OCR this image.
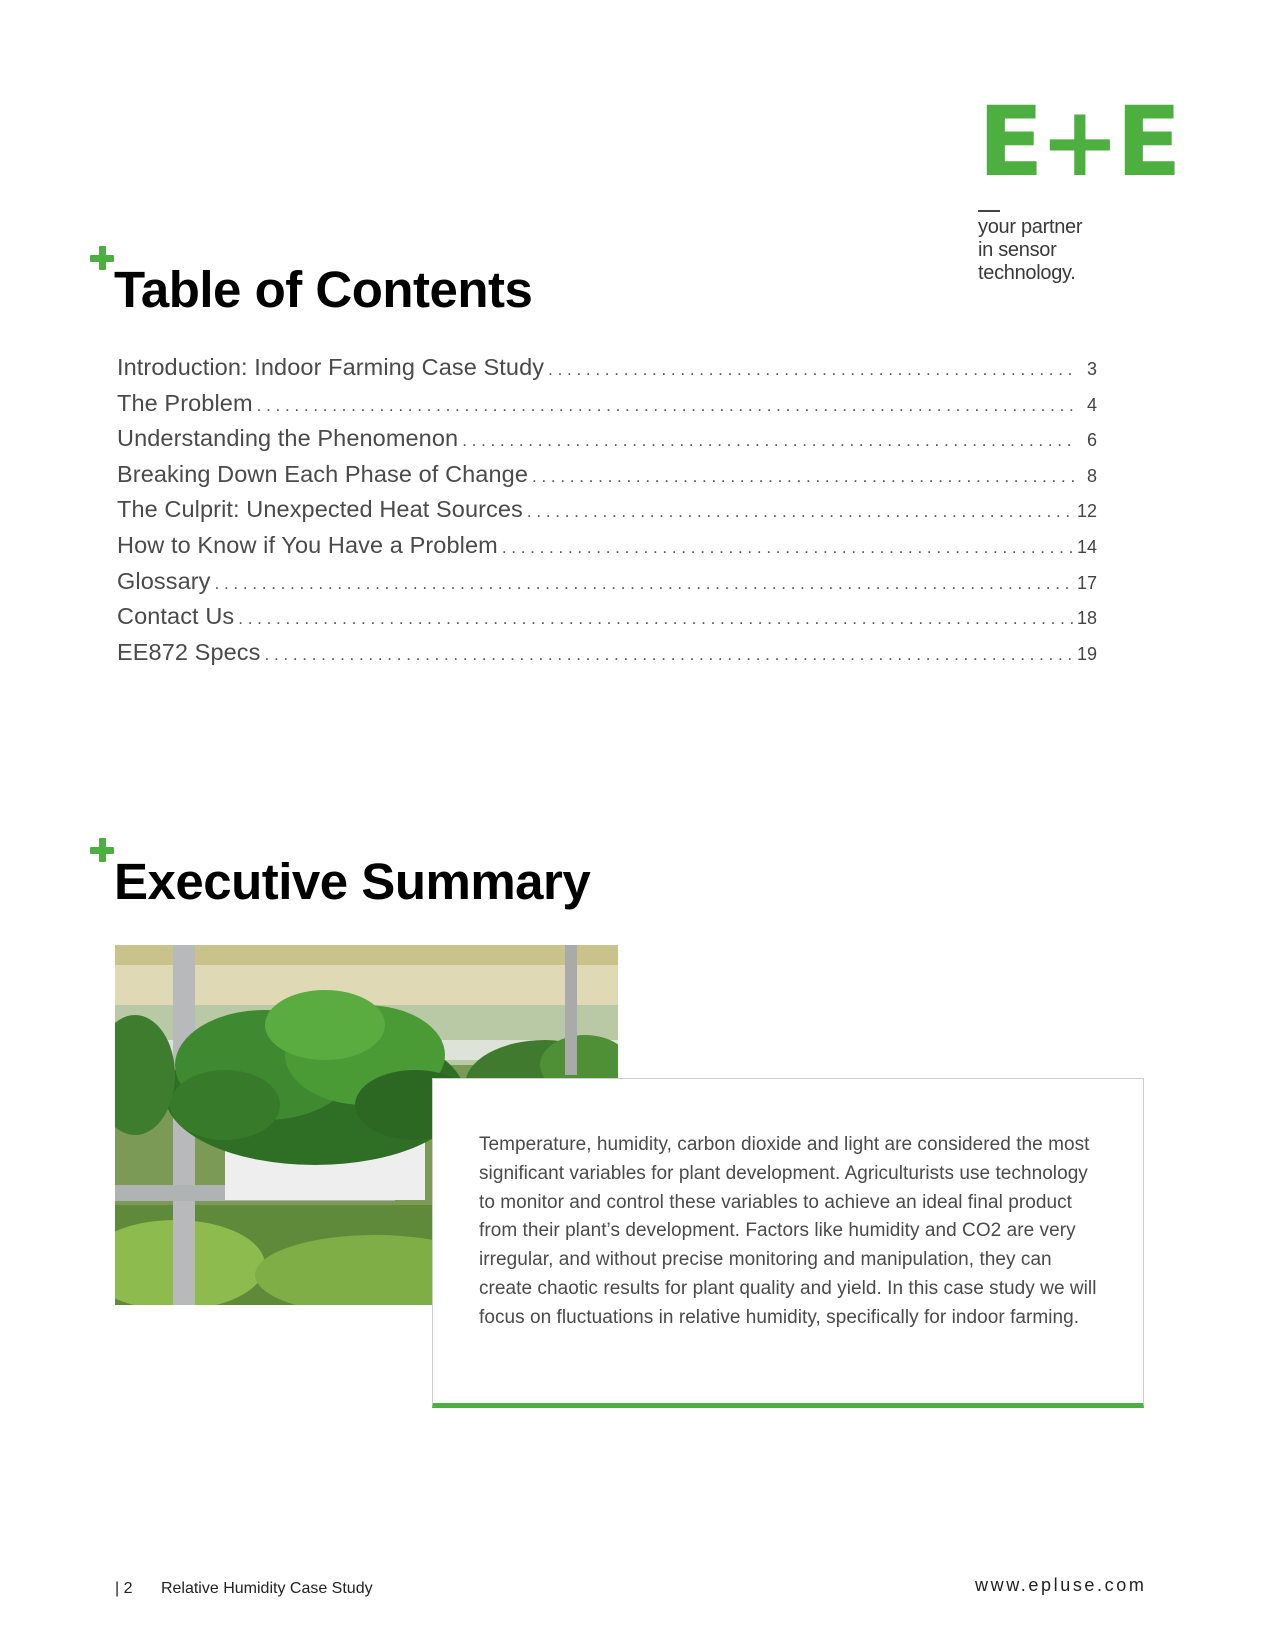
E+E
your partner
in sensor
technology.
Table of Contents
Introduction: Indoor Farming Case Study . . .	3
The Problem . . .	4
Understanding the Phenomenon . . .	6
Breaking Down Each Phase of Change . . .	8
The Culprit: Unexpected Heat Sources . . .	12
How to Know if You Have a Problem . . .	14
Glossary . . .	17
Contact Us . . .	18
EE872 Specs . . .	19
Executive Summary

Temperature, humidity, carbon dioxide and light are considered the most significant variables for plant development. Agriculturists use technology to monitor and control these variables to achieve an ideal final product from their plant’s development. Factors like humidity and CO2 are very irregular, and without precise monitoring and manipulation, they can create chaotic results for plant quality and yield. In this case study we will focus on fluctuations in relative humidity, specifically for indoor farming.

| 2 Relative Humidity Case Study	www.epluse.com
